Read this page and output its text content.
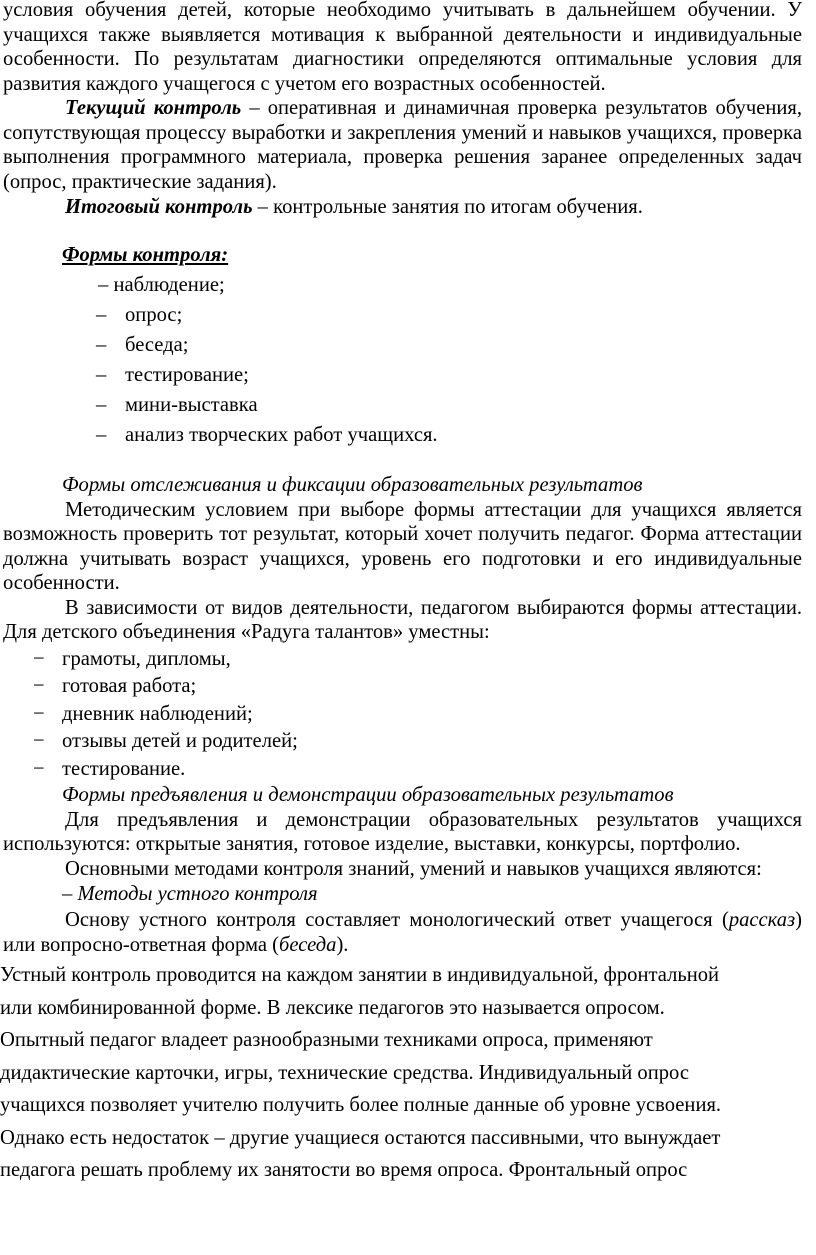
условия обучения детей, которые необходимо учитывать в дальнейшем обучении. У учащихся также выявляется мотивация к выбранной деятельности и индивидуальные особенности. По результатам диагностики определяются оптимальные условия для развития каждого учащегося с учетом его возрастных особенностей.

Текущий контроль – оперативная и динамичная проверка результатов обучения, сопутствующая процессу выработки и закрепления умений и навыков учащихся, проверка выполнения программного материала, проверка решения заранее определенных задач (опрос, практические задания).

Итоговый контроль – контрольные занятия по итогам обучения.

Формы контроля:

– наблюдение;
– опрос;
– беседа;
– тестирование;
– мини-выставка
– анализ творческих работ учащихся.

Формы отслеживания и фиксации образовательных результатов

Методическим условием при выборе формы аттестации для учащихся является возможность проверить тот результат, который хочет получить педагог. Форма аттестации должна учитывать возраст учащихся, уровень его подготовки и его индивидуальные особенности.

В зависимости от видов деятельности, педагогом выбираются формы аттестации. Для детского объединения «Радуга талантов» уместны:

− грамоты, дипломы,
− готовая работа;
− дневник наблюдений;
− отзывы детей и родителей;
− тестирование.

Формы предъявления и демонстрации образовательных результатов

Для предъявления и демонстрации образовательных результатов учащихся используются: открытые занятия, готовое изделие, выставки, конкурсы, портфолио.

Основными методами контроля знаний, умений и навыков учащихся являются:

– Методы устного контроля

Основу устного контроля составляет монологический ответ учащегося (рассказ) или вопросно-ответная форма (беседа).

Устный контроль проводится на каждом занятии в индивидуальной, фронтальной

или комбинированной форме. В лексике педагогов это называется опросом.

Опытный педагог владеет разнообразными техниками опроса, применяют

дидактические карточки, игры, технические средства. Индивидуальный опрос

учащихся позволяет учителю получить более полные данные об уровне усвоения.

Однако есть недостаток – другие учащиеся остаются пассивными, что вынуждает

педагога решать проблему их занятости во время опроса. Фронтальный опрос
